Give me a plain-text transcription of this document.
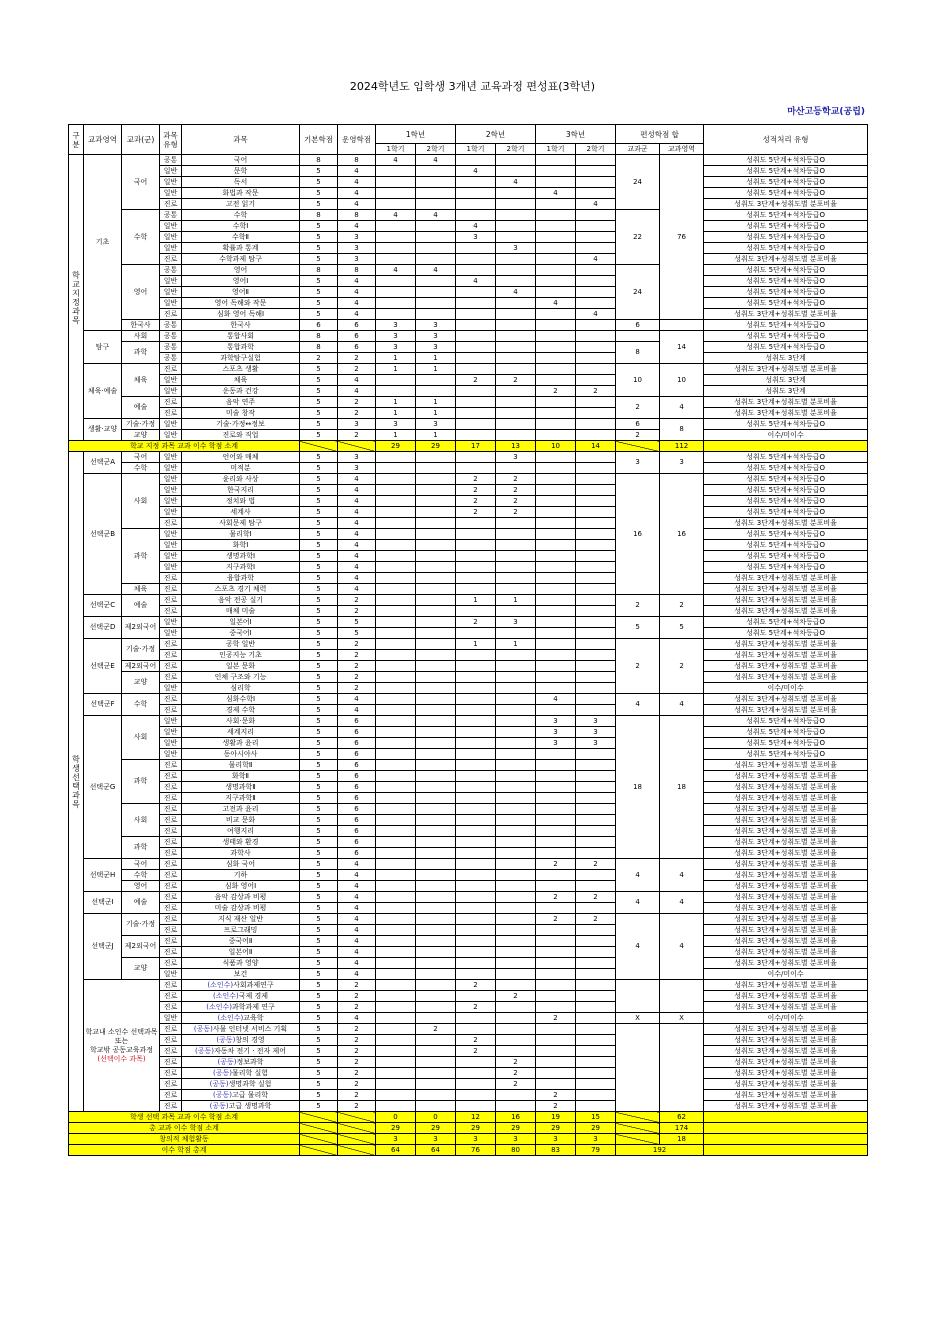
2024학년도 입학생 3개년 교육과정 편성표(3학년)
마산고등학교(공립)
구분	교과영역	교과(군)	과목유형	과목	기본학점	운영학점	1학년		2학년		3학년		편성학점 합		성적처리 유형
							1학기	2학기	1학기	2학기	1학기	2학기	교과군	교과영역	
학교지정과목	기초	국어	공통	국어	8	8	4	4					24	76	성취도 5단계+석차등급O
			일반	문학	5	4			4						성취도 5단계+석차등급O
			일반	독서	5	4				4					성취도 5단계+석차등급O
			일반	화법과 작문	5	4					4				성취도 5단계+석차등급O
			진로	고전 읽기	5	4						4			성취도 3단계+성취도별 분포비율
		수학	공통	수학	8	8	4	4					22		성취도 5단계+석차등급O
			일반	수학Ⅰ	5	4			4						성취도 5단계+석차등급O
			일반	수학Ⅱ	5	3			3						성취도 5단계+석차등급O
			일반	확률과 통계	5	3				3					성취도 5단계+석차등급O
			진로	수학과제 탐구	5	3						4			성취도 3단계+성취도별 분포비율
		영어	공통	영어	8	8	4	4					24		성취도 5단계+석차등급O
			일반	영어Ⅰ	5	4			4						성취도 5단계+석차등급O
			일반	영어Ⅱ	5	4				4					성취도 5단계+석차등급O
			일반	영어 독해와 작문	5	4					4				성취도 5단계+석차등급O
			진로	심화 영어 독해Ⅰ	5	4						4			성취도 3단계+성취도별 분포비율
		한국사	공통	한국사	6	6	3	3					6		성취도 5단계+석차등급O
	탐구	사회	공통	통합사회	8	6	3	3						14	성취도 5단계+석차등급O
		과학	공통	통합과학	8	6	3	3					8		성취도 5단계+석차등급O
			공통	과학탐구실험	2	2	1	1							성취도 3단계
	체육·예술	체육	진로	스포츠 생활	5	2	1	1					10	10	성취도 3단계+성취도별 분포비율
			일반	체육	5	4			2	2					성취도 3단계
			일반	운동과 건강	5	4					2	2			성취도 3단계
		예술	진로	음악 연주	5	2	1	1					2	4	성취도 3단계+성취도별 분포비율
			진로	미술 창작	5	2	1	1							성취도 3단계+성취도별 분포비율
	생활·교양	기술·가정	일반	기술·가정↔정보	5	3	3	3					6	8	성취도 5단계+석차등급O
		교양	일반	진로와 직업	5	2	1	1					2		이수/미이수
학교 지정 과목 교과 이수 학점 소계							29	29	17	13	10	14		112	
학생선택과목	선택군A	국어	일반	언어와 매체	5	3				3			3	3	성취도 5단계+석차등급O
		수학	일반	미적분	5	3									성취도 5단계+석차등급O
	선택군B	사회	일반	윤리와 사상	5	4			2	2			16	16	성취도 5단계+석차등급O
			일반	한국지리	5	4			2	2					성취도 5단계+석차등급O
			일반	정치와 법	5	4			2	2					성취도 5단계+석차등급O
			일반	세계사	5	4			2	2					성취도 5단계+석차등급O
			진로	사회문제 탐구	5	4									성취도 3단계+성취도별 분포비율
		과학	일반	물리학Ⅰ	5	4									성취도 5단계+석차등급O
			일반	화학Ⅰ	5	4									성취도 5단계+석차등급O
			일반	생명과학Ⅰ	5	4									성취도 5단계+석차등급O
			일반	지구과학Ⅰ	5	4									성취도 5단계+석차등급O
			진로	융합과학	5	4									성취도 3단계+성취도별 분포비율
		체육	진로	스포츠 경기 체력	5	4									성취도 3단계+성취도별 분포비율
	선택군C	예술	진로	음악 전공 실기	5	2			1	1			2	2	성취도 3단계+성취도별 분포비율
			진로	매체 미술	5	2									성취도 3단계+성취도별 분포비율
	선택군D	제2외국어	일반	일본어Ⅰ	5	5			2	3			5	5	성취도 5단계+석차등급O
			일반	중국어Ⅰ	5	5									성취도 5단계+석차등급O
	선택군E	기술·가정	진로	공학 일반	5	2			1	1			2	2	성취도 3단계+성취도별 분포비율
			진로	인공지능 기초	5	2									성취도 3단계+성취도별 분포비율
		제2외국어	진로	일본 문화	5	2									성취도 3단계+성취도별 분포비율
		교양	진로	인체 구조와 기능	5	2									성취도 3단계+성취도별 분포비율
			일반	심리학	5	2									이수/미이수
	선택군F	수학	진로	심화수학Ⅰ	5	4					4		4	4	성취도 3단계+성취도별 분포비율
			진로	경제 수학	5	4									성취도 3단계+성취도별 분포비율
	선택군G	사회	일반	사회·문화	5	6					3	3	18	18	성취도 5단계+석차등급O
			일반	세계지리	5	6					3	3			성취도 5단계+석차등급O
			일반	생활과 윤리	5	6					3	3			성취도 5단계+석차등급O
			일반	동아시아사	5	6									성취도 5단계+석차등급O
		과학	진로	물리학Ⅱ	5	6									성취도 3단계+성취도별 분포비율
			진로	화학Ⅱ	5	6									성취도 3단계+성취도별 분포비율
			진로	생명과학Ⅱ	5	6									성취도 3단계+성취도별 분포비율
			진로	지구과학Ⅱ	5	6									성취도 3단계+성취도별 분포비율
		사회	진로	고전과 윤리	5	6									성취도 3단계+성취도별 분포비율
			진로	비교 문화	5	6									성취도 3단계+성취도별 분포비율
			진로	여행지리	5	6									성취도 3단계+성취도별 분포비율
		과학	진로	생태와 환경	5	6									성취도 3단계+성취도별 분포비율
			진로	과학사	5	6									성취도 3단계+성취도별 분포비율
	선택군H	국어	진로	심화 국어	5	4					2	2	4	4	성취도 3단계+성취도별 분포비율
		수학	진로	기하	5	4									성취도 3단계+성취도별 분포비율
		영어	진로	심화 영어Ⅰ	5	4									성취도 3단계+성취도별 분포비율
	선택군I	예술	진로	음악 감상과 비평	5	4					2	2	4	4	성취도 3단계+성취도별 분포비율
			진로	미술 감상과 비평	5	4									성취도 3단계+성취도별 분포비율
	선택군J	기술·가정	진로	지식 재산 일반	5	4					2	2	4	4	성취도 3단계+성취도별 분포비율
			진로	프로그래밍	5	4									성취도 3단계+성취도별 분포비율
		제2외국어	진로	중국어Ⅱ	5	4									성취도 3단계+성취도별 분포비율
			진로	일본어Ⅱ	5	4									성취도 3단계+성취도별 분포비율
		교양	진로	식품과 영양	5	4									성취도 3단계+성취도별 분포비율
			일반	보건	5	4									이수/미이수

	학교내 소인수 선택과목
또는
학교밖 공동교육과정
(선택이수 과목)		진로	(소인수)사회과제연구	5	2			2						성취도 3단계+성취도별 분포비율
			진로	(소인수)국제 경제	5	2				2					성취도 3단계+성취도별 분포비율
			진로	(소인수)과학과제 연구	5	2			2						성취도 3단계+성취도별 분포비율
			일반	(소인수)교육학	5	4					2		X	X	이수/미이수
			진로	(공동)사물 인터넷 서비스 기획	5	2		2							성취도 3단계+성취도별 분포비율
			진로	(공동)창의 경영	5	2			2						성취도 3단계+성취도별 분포비율
			진로	(공동)자동차 전기 · 전자 제어	5	2			2						성취도 3단계+성취도별 분포비율
			진로	(공동)정보과학	5	2				2					성취도 3단계+성취도별 분포비율
			진로	(공동)물리학 실험	5	2				2					성취도 3단계+성취도별 분포비율
			진로	(공동)생명과학 실험	5	2				2					성취도 3단계+성취도별 분포비율
			진로	(공동)고급 물리학	5	2					2				성취도 3단계+성취도별 분포비율
			진로	(공동)고급 생명과학	5	2					2				성취도 3단계+성취도별 분포비율
학생 선택 과목 교과 이수 학점 소계							0	0	12	16	19	15		62	
총 교과 이수 학점 소계							29	29	29	29	29	29		174	
창의적 체험활동							3	3	3	3	3	3		18	
이수 학점 총계							64	64	76	80	83	79	192		
